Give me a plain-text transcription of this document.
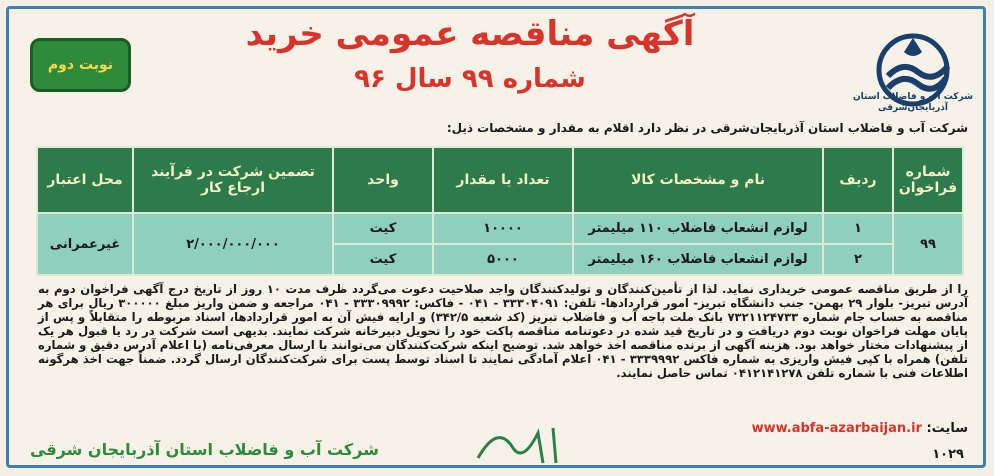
نوبت دوم
آگهی مناقصه عمومی خرید
شماره ۹۹ سال ۹۶
شرکت آب و فاضلاب استان آذربایجان‌شرقی
شرکت آب و فاضلاب استان آذربایجان‌شرقی در نظر دارد اقلام به مقدار و مشخصات ذیل:
شماره فراخوان	ردیف	نام و مشخصات کالا	تعداد یا مقدار	واحد	تضمین شرکت در فرآیند ارجاع کار	محل اعتبار
۹۹	۱	لوازم انشعاب فاضلاب ۱۱۰ میلیمتر	۱۰۰۰۰	کیت	۲/۰۰۰/۰۰۰/۰۰۰	غیرعمرانی
	۲	لوازم انشعاب فاضلاب ۱۶۰ میلیمتر	۵۰۰۰	کیت		
را از طریق مناقصه عمومی خریداری نماید. لذا از تأمین‌کنندگان و تولیدکنندگان واجد صلاحیت دعوت می‌گردد ظرف مدت ۱۰ روز از تاریخ درج آگهی فراخوان دوم به آدرس تبریز- بلوار ۲۹ بهمن- جنب دانشگاه تبریز- امور قراردادها- تلفن: ۳۳۳۰۴۰۹۱ - ۰۴۱ - فاکس: ۳۳۳۰۹۹۹۲ - ۰۴۱ مراجعه و ضمن واریز مبلغ ۳۰۰۰۰۰ ریال برای هر مناقصه به حساب جام شماره ۷۳۲۱۱۲۴۷۳۳ بانک ملت باجه آب و فاضلاب تبریز (کد شعبه ۳۴۲/۵) و ارایه فیش آن به امور قراردادها، اسناد مربوطه را متقابلاً و پس از پایان مهلت فراخوان نوبت دوم دریافت و در تاریخ قید شده در دعوتنامه مناقصه پاکت خود را تحویل دبیرخانه شرکت نمایند. بدیهی است شرکت در رد یا قبول هر یک از پیشنهادات مختار خواهد بود. هزینه آگهی از برنده مناقصه اخذ خواهد شد. توضیح اینکه شرکت‌کنندگان می‌توانند با ارسال معرفی‌نامه (با اعلام آدرس دقیق و شماره تلفن) همراه با کپی فیش واریزی به شماره فاکس ۳۳۳۹۹۹۲ - ۰۴۱ اعلام آمادگی نمایند تا اسناد توسط پست برای شرکت‌کنندگان ارسال گردد. ضمناً جهت اخذ هرگونه اطلاعات فنی با شماره تلفن ۰۴۱۲۱۴۱۲۷۸ تماس حاصل نمایند.
سایت: www.abfa-azarbaijan.ir
شرکت آب و فاضلاب استان آذربایجان شرقی	۱۰۲۹
